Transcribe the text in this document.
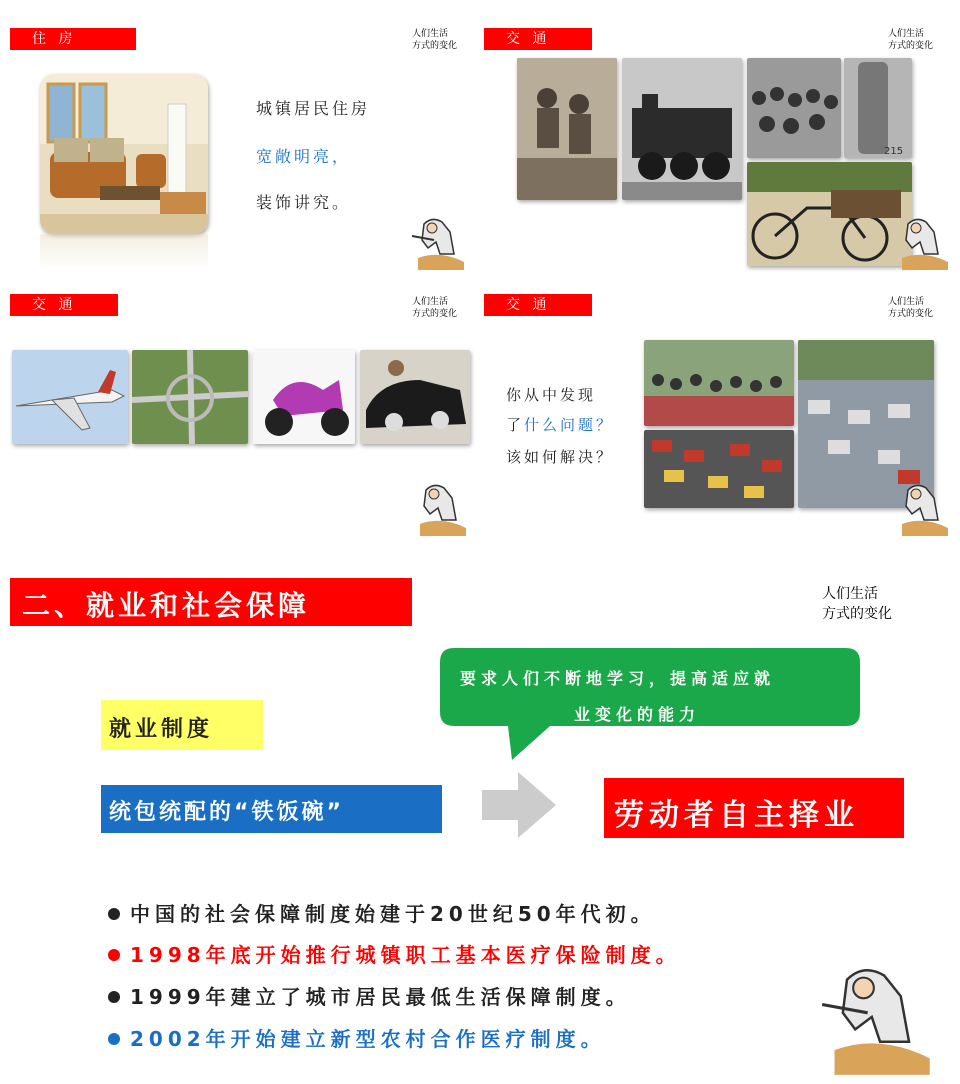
住 房	人们生活
方式的变化
城镇居民住房
宽敞明亮，
装饰讲究。
交 通	人们生活
方式的变化
215
交 通	人们生活
方式的变化
交 通	人们生活
方式的变化
你从中发现
了什么问题？
该如何解决？
二、就业和社会保障	人们生活
方式的变化
要求人们不断地学习，提高适应就
业变化的能力
就业制度
统包统配的“铁饭碗”	劳动者自主择业
中国的社会保障制度始建于20世纪50年代初。
1998年底开始推行城镇职工基本医疗保险制度。
1999年建立了城市居民最低生活保障制度。
2002年开始建立新型农村合作医疗制度。
